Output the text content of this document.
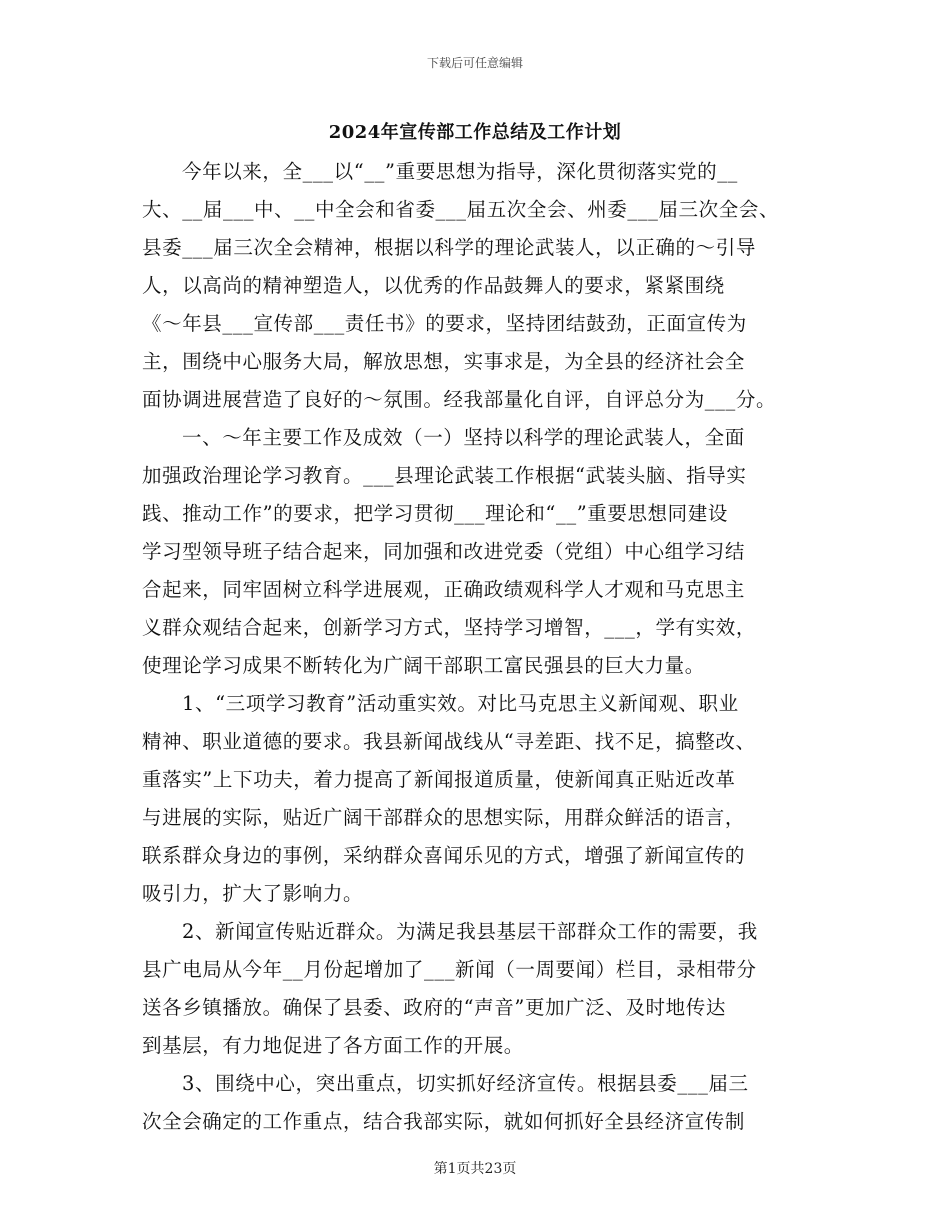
下载后可任意编辑
2024年宣传部工作总结及工作计划
今年以来，全___以“__”重要思想为指导，深化贯彻落实党的__
大、__届___中、__中全会和省委___届五次全会、州委___届三次全会、
县委___届三次全会精神，根据以科学的理论武装人，以正确的～引导
人，以高尚的精神塑造人，以优秀的作品鼓舞人的要求，紧紧围绕
《～年县___宣传部___责任书》的要求，坚持团结鼓劲，正面宣传为
主，围绕中心服务大局，解放思想，实事求是，为全县的经济社会全
面协调进展营造了良好的～氛围。经我部量化自评，自评总分为___分。
一、～年主要工作及成效（一）坚持以科学的理论武装人，全面
加强政治理论学习教育。___县理论武装工作根据“武装头脑、指导实
践、推动工作”的要求，把学习贯彻___理论和“__”重要思想同建设
学习型领导班子结合起来，同加强和改进党委（党组）中心组学习结
合起来，同牢固树立科学进展观，正确政绩观科学人才观和马克思主
义群众观结合起来，创新学习方式，坚持学习增智，___，学有实效，
使理论学习成果不断转化为广阔干部职工富民强县的巨大力量。
1、“三项学习教育”活动重实效。对比马克思主义新闻观、职业
精神、职业道德的要求。我县新闻战线从“寻差距、找不足，搞整改、
重落实”上下功夫，着力提高了新闻报道质量，使新闻真正贴近改革
与进展的实际，贴近广阔干部群众的思想实际，用群众鲜活的语言，
联系群众身边的事例，采纳群众喜闻乐见的方式，增强了新闻宣传的
吸引力，扩大了影响力。
2、新闻宣传贴近群众。为满足我县基层干部群众工作的需要，我
县广电局从今年__月份起增加了___新闻（一周要闻）栏目，录相带分
送各乡镇播放。确保了县委、政府的“声音”更加广泛、及时地传达
到基层，有力地促进了各方面工作的开展。
3、围绕中心，突出重点，切实抓好经济宣传。根据县委___届三
次全会确定的工作重点，结合我部实际，就如何抓好全县经济宣传制
第1页共23页
